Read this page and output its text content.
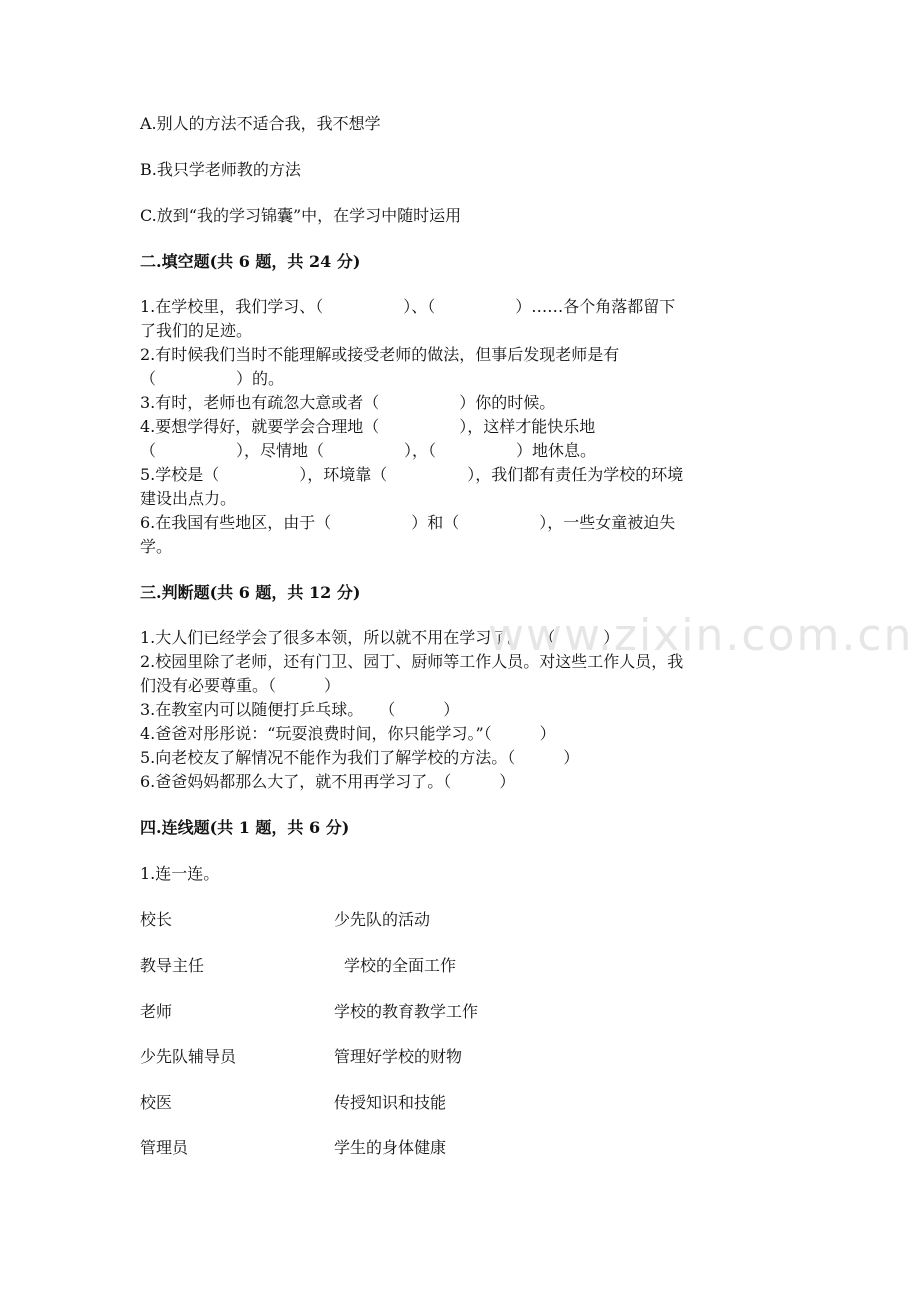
A.别人的方法不适合我，我不想学
B.我只学老师教的方法
C.放到“我的学习锦囊”中，在学习中随时运用
二.填空题(共 6 题，共 24 分)
1.在学校里，我们学习、（　　　　　）、（　　　　　）……各个角落都留下
了我们的足迹。
2.有时候我们当时不能理解或接受老师的做法，但事后发现老师是有
（　　　　　）的。
3.有时，老师也有疏忽大意或者（　　　　　）你的时候。
4.要想学得好，就要学会合理地（　　　　　），这样才能快乐地
（　　　　　），尽情地（　　　　　），（　　　　　）地休息。
5.学校是（　　　　　），环境靠（　　　　　），我们都有责任为学校的环境
建设出点力。
6.在我国有些地区，由于（　　　　　）和（　　　　　），一些女童被迫失
学。
三.判断题(共 6 题，共 12 分)
1.大人们已经学会了很多本领，所以就不用在学习了。　　（　　　）
2.校园里除了老师，还有门卫、园丁、厨师等工作人员。对这些工作人员，我
们没有必要尊重。（　　　）
3.在教室内可以随便打乒乓球。　　（　　　）
4.爸爸对彤彤说：“玩耍浪费时间，你只能学习。”（　　　）
5.向老校友了解情况不能作为我们了解学校的方法。（　　　）
6.爸爸妈妈都那么大了，就不用再学习了。（　　　）
四.连线题(共 1 题，共 6 分)
1.连一连。
校长	少先队的活动
教导主任	学校的全面工作
老师	学校的教育教学工作
少先队辅导员	管理好学校的财物
校医	传授知识和技能
管理员	学生的身体健康
www.zixin.com.cn
